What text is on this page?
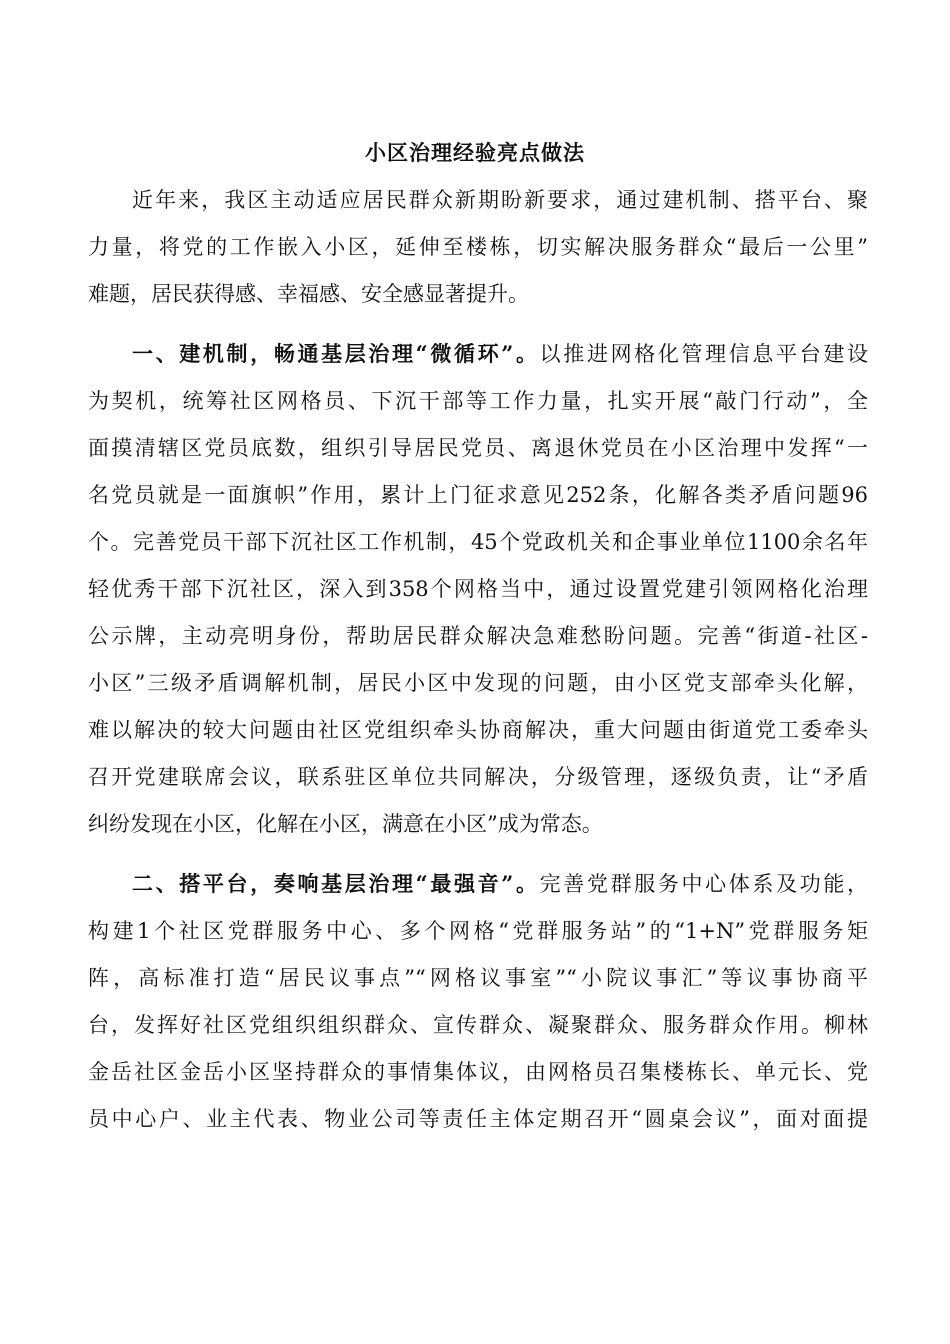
小区治理经验亮点做法
近年来，我区主动适应居民群众新期盼新要求，通过建机制、搭平台、聚
力量，将党的工作嵌入小区，延伸至楼栋，切实解决服务群众“最后一公里”
难题，居民获得感、幸福感、安全感显著提升。
一、建机制，畅通基层治理“微循环”。以推进网格化管理信息平台建设
为契机，统筹社区网格员、下沉干部等工作力量，扎实开展“敲门行动”，全
面摸清辖区党员底数，组织引导居民党员、离退休党员在小区治理中发挥“一
名党员就是一面旗帜”作用，累计上门征求意见252条，化解各类矛盾问题96
个。完善党员干部下沉社区工作机制，45个党政机关和企事业单位1100余名年
轻优秀干部下沉社区，深入到358个网格当中，通过设置党建引领网格化治理
公示牌，主动亮明身份，帮助居民群众解决急难愁盼问题。完善“街道-社区-
小区”三级矛盾调解机制，居民小区中发现的问题，由小区党支部牵头化解，
难以解决的较大问题由社区党组织牵头协商解决，重大问题由街道党工委牵头
召开党建联席会议，联系驻区单位共同解决，分级管理，逐级负责，让“矛盾
纠纷发现在小区，化解在小区，满意在小区”成为常态。
二、搭平台，奏响基层治理“最强音”。完善党群服务中心体系及功能，
构建1个社区党群服务中心、多个网格“党群服务站”的“1+N”党群服务矩
阵，高标准打造“居民议事点”“网格议事室”“小院议事汇”等议事协商平
台，发挥好社区党组织组织群众、宣传群众、凝聚群众、服务群众作用。柳林
金岳社区金岳小区坚持群众的事情集体议，由网格员召集楼栋长、单元长、党
员中心户、业主代表、物业公司等责任主体定期召开“圆桌会议”，面对面提
